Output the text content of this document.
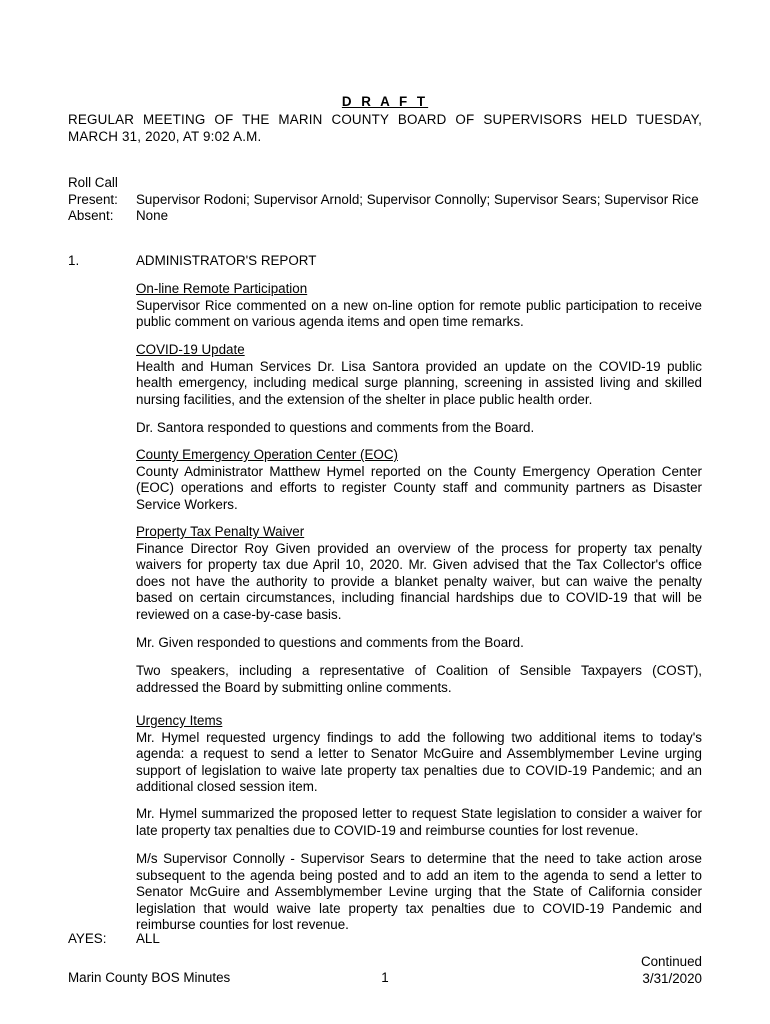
D R A F T
REGULAR MEETING OF THE MARIN COUNTY BOARD OF SUPERVISORS HELD TUESDAY, MARCH 31, 2020, AT 9:02 A.M.
Roll Call
Present:	Supervisor Rodoni; Supervisor Arnold; Supervisor Connolly; Supervisor Sears; Supervisor Rice
Absent:	None
1.	ADMINISTRATOR'S REPORT
On-line Remote Participation

Supervisor Rice commented on a new on-line option for remote public participation to receive public comment on various agenda items and open time remarks.

COVID-19 Update

Health and Human Services Dr. Lisa Santora provided an update on the COVID-19 public health emergency, including medical surge planning, screening in assisted living and skilled nursing facilities, and the extension of the shelter in place public health order.

Dr. Santora responded to questions and comments from the Board.

County Emergency Operation Center (EOC)

County Administrator Matthew Hymel reported on the County Emergency Operation Center (EOC) operations and efforts to register County staff and community partners as Disaster Service Workers.

Property Tax Penalty Waiver

Finance Director Roy Given provided an overview of the process for property tax penalty waivers for property tax due April 10, 2020. Mr. Given advised that the Tax Collector's office does not have the authority to provide a blanket penalty waiver, but can waive the penalty based on certain circumstances, including financial hardships due to COVID-19 that will be reviewed on a case-by-case basis.

Mr. Given responded to questions and comments from the Board.

Two speakers, including a representative of Coalition of Sensible Taxpayers (COST), addressed the Board by submitting online comments.

Urgency Items

Mr. Hymel requested urgency findings to add the following two additional items to today's agenda: a request to send a letter to Senator McGuire and Assemblymember Levine urging support of legislation to waive late property tax penalties due to COVID-19 Pandemic; and an additional closed session item.

Mr. Hymel summarized the proposed letter to request State legislation to consider a waiver for late property tax penalties due to COVID-19 and reimburse counties for lost revenue.

M/s Supervisor Connolly - Supervisor Sears to determine that the need to take action arose subsequent to the agenda being posted and to add an item to the agenda to send a letter to Senator McGuire and Assemblymember Levine urging that the State of California consider legislation that would waive late property tax penalties due to COVID-19 Pandemic and reimburse counties for lost revenue.

AYES: ALL
Marin County BOS Minutes	1
Continued
3/31/2020
